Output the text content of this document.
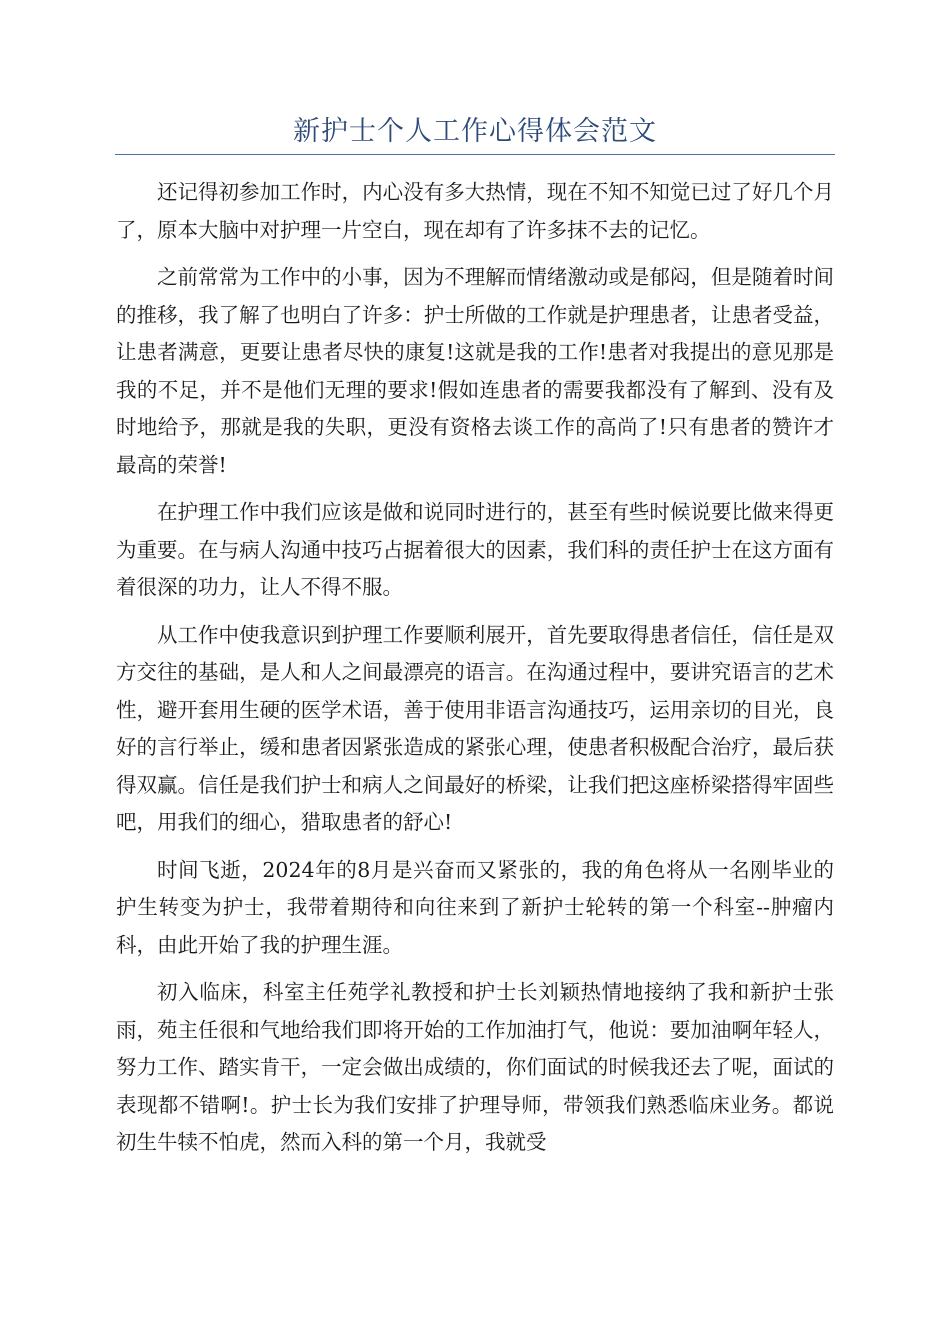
新护士个人工作心得体会范文

还记得初参加工作时，内心没有多大热情，现在不知不知觉已过了好几个月了，原本大脑中对护理一片空白，现在却有了许多抹不去的记忆。

之前常常为工作中的小事，因为不理解而情绪激动或是郁闷，但是随着时间的推移，我了解了也明白了许多：护士所做的工作就是护理患者，让患者受益，让患者满意，更要让患者尽快的康复!这就是我的工作!患者对我提出的意见那是我的不足，并不是他们无理的要求!假如连患者的需要我都没有了解到、没有及时地给予，那就是我的失职，更没有资格去谈工作的高尚了!只有患者的赞许才最高的荣誉!

在护理工作中我们应该是做和说同时进行的，甚至有些时候说要比做来得更为重要。在与病人沟通中技巧占据着很大的因素，我们科的责任护士在这方面有着很深的功力，让人不得不服。

从工作中使我意识到护理工作要顺利展开，首先要取得患者信任，信任是双方交往的基础，是人和人之间最漂亮的语言。在沟通过程中，要讲究语言的艺术性，避开套用生硬的医学术语，善于使用非语言沟通技巧，运用亲切的目光，良好的言行举止，缓和患者因紧张造成的紧张心理，使患者积极配合治疗，最后获得双赢。信任是我们护士和病人之间最好的桥梁，让我们把这座桥梁搭得牢固些吧，用我们的细心，猎取患者的舒心!

时间飞逝，2024年的8月是兴奋而又紧张的，我的角色将从一名刚毕业的护生转变为护士，我带着期待和向往来到了新护士轮转的第一个科室--肿瘤内科，由此开始了我的护理生涯。

初入临床，科室主任苑学礼教授和护士长刘颖热情地接纳了我和新护士张雨，苑主任很和气地给我们即将开始的工作加油打气，他说：要加油啊年轻人，努力工作、踏实肯干，一定会做出成绩的，你们面试的时候我还去了呢，面试的表现都不错啊!。护士长为我们安排了护理导师，带领我们熟悉临床业务。都说初生牛犊不怕虎，然而入科的第一个月，我就受
